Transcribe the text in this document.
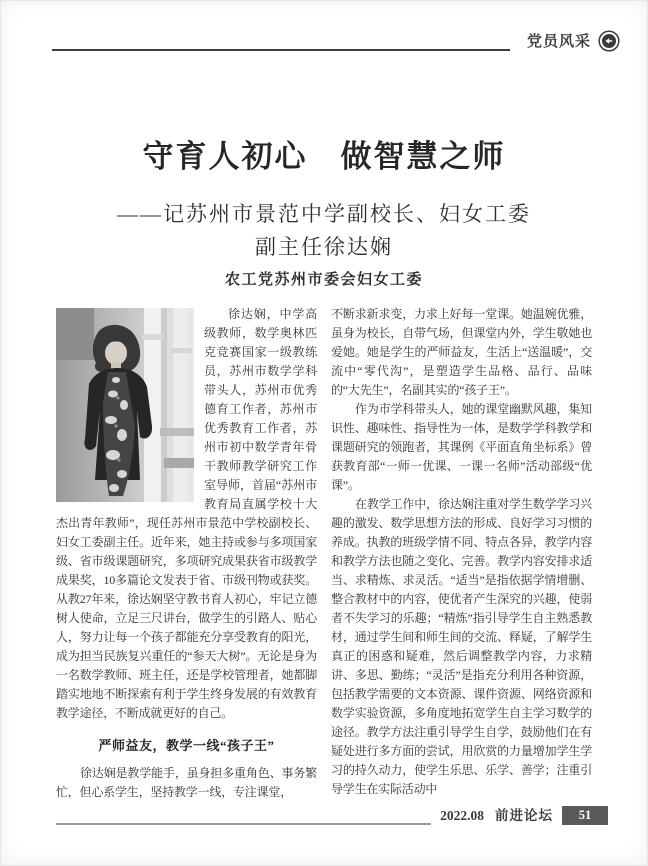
党员风采
守育人初心　做智慧之师
——记苏州市景范中学副校长、妇女工委
副主任徐达娴
农工党苏州市委会妇女工委

徐达娴，中学高级教师，数学奥林匹克竞赛国家一级教练员，苏州市数学学科带头人，苏州市优秀德育工作者，苏州市优秀教育工作者，苏州市初中数学青年骨干教师教学研究工作室导师，首届“苏州市教育局直属学校十大杰出青年教师”，现任苏州市景范中学校副校长、妇女工委副主任。近年来，她主持或参与多项国家级、省市级课题研究，多项研究成果获省市级教学成果奖，10多篇论文发表于省、市级刊物或获奖。从教27年来，徐达娴坚守教书育人初心，牢记立德树人使命，立足三尺讲台，做学生的引路人、贴心人，努力让每一个孩子都能充分享受教育的阳光，成为担当民族复兴重任的“参天大树”。无论是身为一名数学教师、班主任，还是学校管理者，她都脚踏实地地不断探索有利于学生终身发展的有效教育教学途径，不断成就更好的自己。

严师益友，教学一线“孩子王”

徐达娴是教学能手，虽身担多重角色、事务繁忙，但心系学生，坚持教学一线，专注课堂，

不断求新求变，力求上好每一堂课。她温婉优雅，虽身为校长，自带气场，但课堂内外，学生敬她也爱她。她是学生的严师益友，生活上“送温暖”，交流中“零代沟”，是塑造学生品格、品行、品味的“大先生”，名副其实的“孩子王”。

作为市学科带头人，她的课堂幽默风趣，集知识性、趣味性、指导性为一体，是数学学科教学和课题研究的领跑者，其课例《平面直角坐标系》曾获教育部“一师一优课、一课一名师”活动部级“优课”。

在教学工作中，徐达娴注重对学生数学学习兴趣的激发、数学思想方法的形成、良好学习习惯的养成。执教的班级学情不同、特点各异，教学内容和教学方法也随之变化、完善。教学内容安排求适当、求精炼、求灵活。“适当”是指依据学情增删、整合教材中的内容，使优者产生深究的兴趣，使弱者不失学习的乐趣；“精炼”指引导学生自主熟悉教材，通过学生间和师生间的交流、释疑，了解学生真正的困惑和疑难，然后调整教学内容，力求精讲、多思、勤练；“灵活”是指充分利用各种资源，包括教学需要的文本资源、课件资源、网络资源和数学实验资源，多角度地拓宽学生自主学习数学的途径。教学方法注重引导学生自学，鼓励他们在有疑处进行多方面的尝试，用欣赏的力量增加学生学习的持久动力，使学生乐思、乐学、善学；注重引导学生在实际活动中

2022.08 前进论坛	51
